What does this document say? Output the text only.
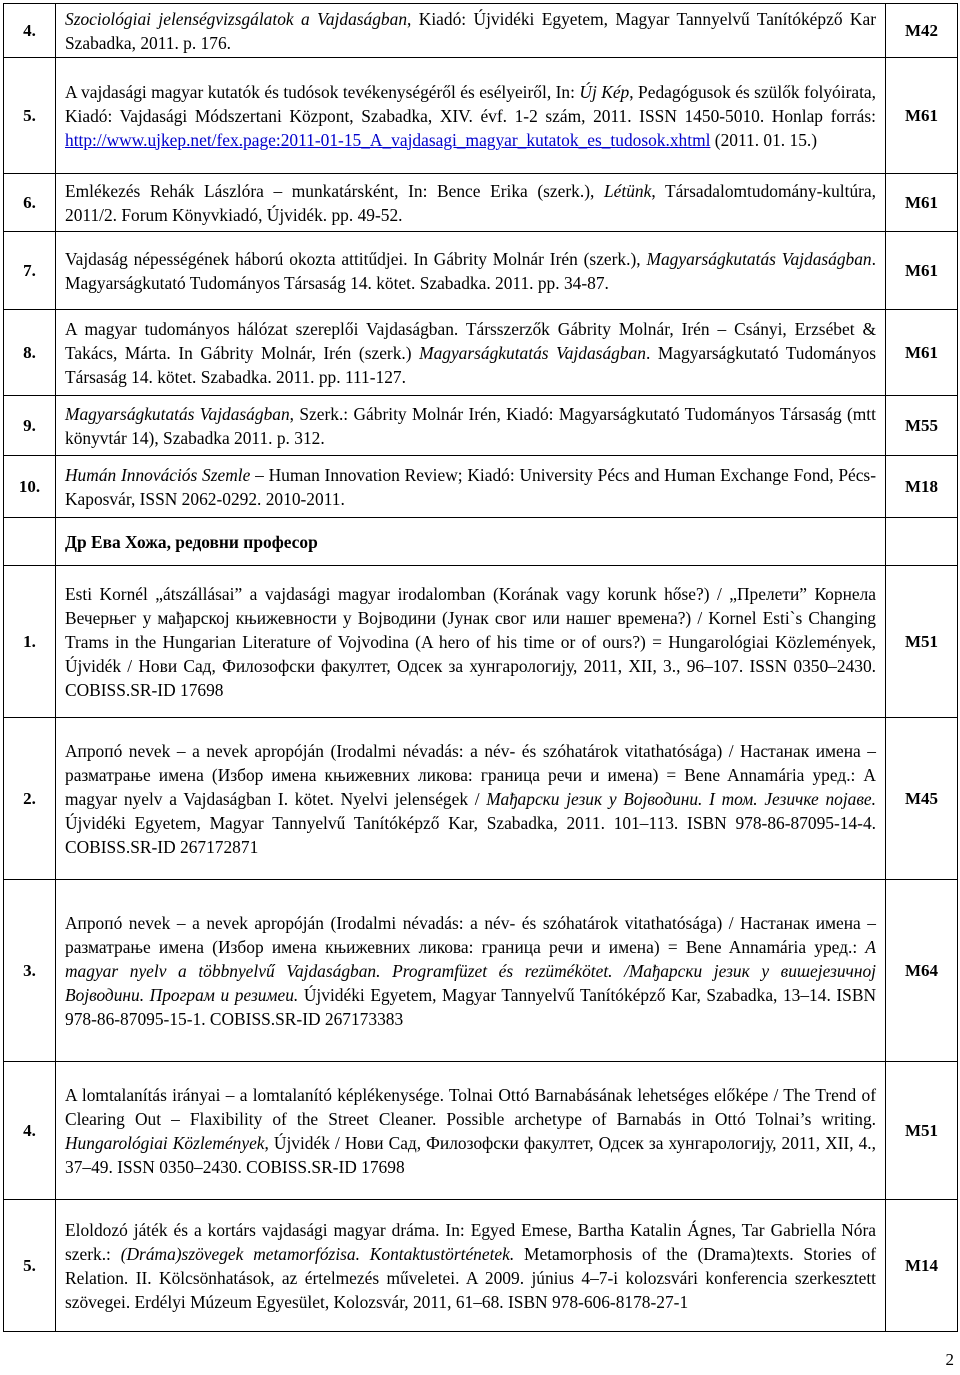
4.	Szociológiai jelenségvizsgálatok a Vajdaságban, Kiadó: Újvidéki Egyetem, Magyar Tannyelvű Tanítóképző Kar Szabadka, 2011. p. 176.	M42
5.	A vajdasági magyar kutatók és tudósok tevékenységéről és esélyeiről, In: Új Kép, Pedagógusok és szülők folyóirata, Kiadó: Vajdasági Módszertani Központ, Szabadka, XIV. évf. 1-2 szám, 2011. ISSN 1450-5010. Honlap forrás: http://www.ujkep.net/fex.page:2011-01-15_A_vajdasagi_magyar_kutatok_es_tudosok.xhtml (2011. 01. 15.)	M61
6.	Emlékezés Rehák Lászlóra – munkatársként, In: Bence Erika (szerk.), Létünk, Társadalomtudomány-kultúra, 2011/2. Forum Könyvkiadó, Újvidék. pp. 49-52.	M61
7.	Vajdaság népességének háború okozta attitűdjei. In Gábrity Molnár Irén (szerk.), Magyarságkutatás Vajdaságban. Magyarságkutató Tudományos Társaság 14. kötet. Szabadka. 2011. pp. 34-87.	M61
8.	A magyar tudományos hálózat szereplői Vajdaságban. Társszerzők Gábrity Molnár, Irén – Csányi, Erzsébet & Takács, Márta. In Gábrity Molnár, Irén (szerk.) Magyarságkutatás Vajdaságban. Magyarságkutató Tudományos Társaság 14. kötet. Szabadka. 2011. pp. 111-127.	M61
9.	Magyarságkutatás Vajdaságban, Szerk.: Gábrity Molnár Irén, Kiadó: Magyarságkutató Tudományos Társaság (mtt könyvtár 14), Szabadka 2011. p. 312.	M55
10.	Humán Innovációs Szemle – Human Innovation Review; Kiadó: University Pécs and Human Exchange Fond, Pécs-Kaposvár, ISSN 2062-0292. 2010-2011.	M18
	Др Ева Хожа, редовни професор	
1.	Esti Kornél „átszállásai” a vajdasági magyar irodalomban (Korának vagy korunk hőse?) / „Прелети” Корнела Вечерњег у мађарској књижевности у Војводини (Јунак свог или нашег времена?) / Kornel Esti`s Changing Trams in the Hungarian Literature of Vojvodina (A hero of his time or of ours?) = Hungarológiai Közlemények, Újvidék / Нови Сад, Филозофски факултет, Одсек за хунгарологију, 2011, XII, 3., 96–107. ISSN 0350–2430. COBISS.SR-ID 17698	M51
2.	Апропó nevek – a nevek apropóján (Irodalmi névadás: a név- és szóhatárok vitathatósága) / Настанак имена – разматрање имена (Избор имена књижевних ликова: граница речи и имена) = Bene Annamária уред.: A magyar nyelv a Vajdaságban I. kötet. Nyelvi jelenségek / Мађарски језик у Војводини. I том. Језичке појаве. Újvidéki Egyetem, Magyar Tannyelvű Tanítóképző Kar, Szabadka, 2011. 101–113. ISBN 978-86-87095-14-4. COBISS.SR-ID 267172871	M45
3.	Апропó nevek – a nevek apropóján (Irodalmi névadás: a név- és szóhatárok vitathatósága) / Настанак имена – разматрање имена (Избор имена књижевних ликова: граница речи и имена) = Bene Annamária уред.: A magyar nyelv a többnyelvű Vajdaságban. Programfüzet és rezümékötet. /Мађарски језик у вишејезичној Војводини. Програм и резимеи. Újvidéki Egyetem, Magyar Tannyelvű Tanítóképző Kar, Szabadka, 13–14. ISBN 978-86-87095-15-1. COBISS.SR-ID 267173383	M64
4.	A lomtalanítás irányai – a lomtalanító képlékenysége. Tolnai Ottó Barnabásának lehetséges előképe / The Trend of Clearing Out – Flaxibility of the Street Cleaner. Possible archetype of Barnabás in Ottó Tolnai’s writing. Hungarológiai Közlemények, Újvidék / Нови Сад, Филозофски факултет, Одсек за хунгарологију, 2011, XII, 4., 37–49. ISSN 0350–2430. COBISS.SR-ID 17698	M51
5.	Eloldozó játék és a kortárs vajdasági magyar dráma. In: Egyed Emese, Bartha Katalin Ágnes, Tar Gabriella Nóra szerk.: (Dráma)szövegek metamorfózisa. Kontaktustörténetek. Metamorphosis of the (Drama)texts. Stories of Relation. II. Kölcsönhatások, az értelmezés műveletei. A 2009. június 4–7-i kolozsvári konferencia szerkesztett szövegei. Erdélyi Múzeum Egyesület, Kolozsvár, 2011, 61–68. ISBN 978-606-8178-27-1	M14
2
